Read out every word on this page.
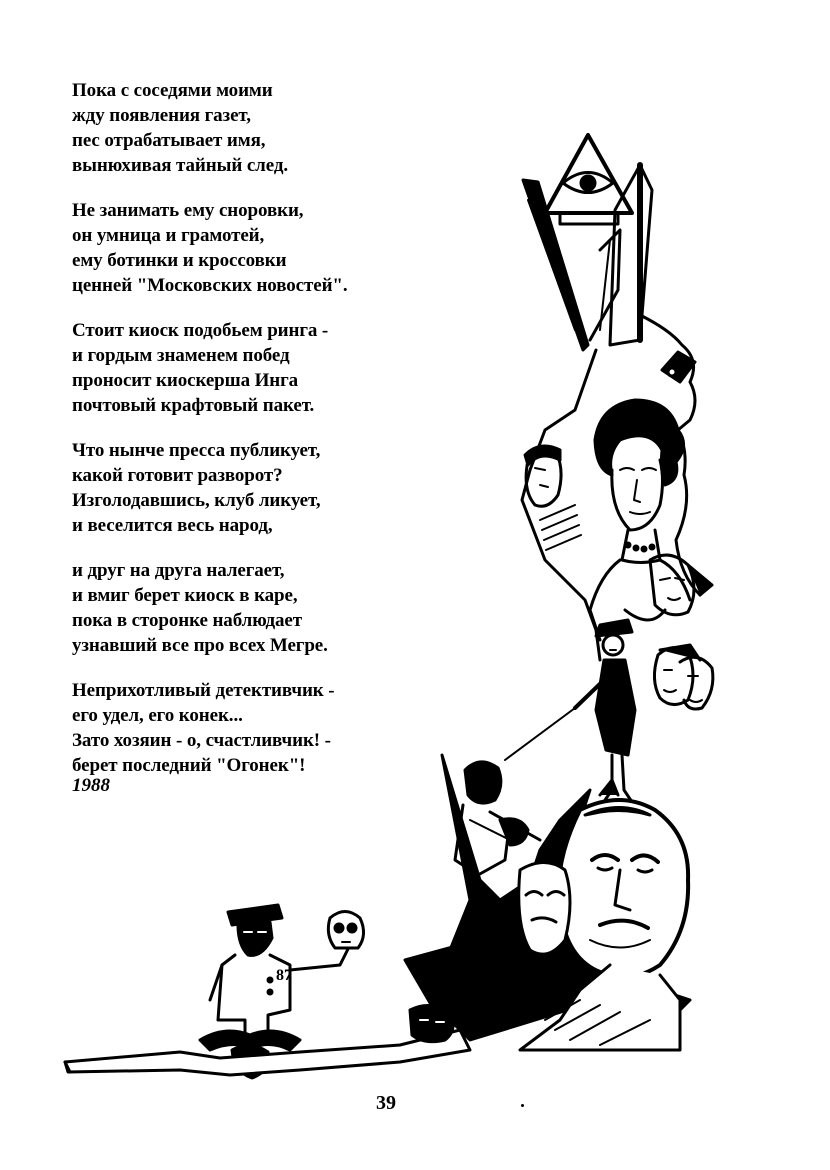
Пока с соседями моими
жду появления газет,
пес отрабатывает имя,
вынюхивая тайный след.
Не занимать ему сноровки,
он умница и грамотей,
ему ботинки и кроссовки
ценней "Московских новостей".
Стоит киоск подобьем ринга -
и гордым знаменем побед
проносит киоскерша Инга
почтовый крафтовый пакет.
Что нынче пресса публикует,
какой готовит разворот?
Изголодавшись, клуб ликует,
и веселится весь народ,
и друг на друга налегает,
и вмиг берет киоск в каре,
пока в сторонке наблюдает
узнавший все про всех Мегре.
Неприхотливый детективчик -
его удел, его конек...
Зато хозяин - о, счастливчик! -
берет последний "Огонек"!
1988
87
39
